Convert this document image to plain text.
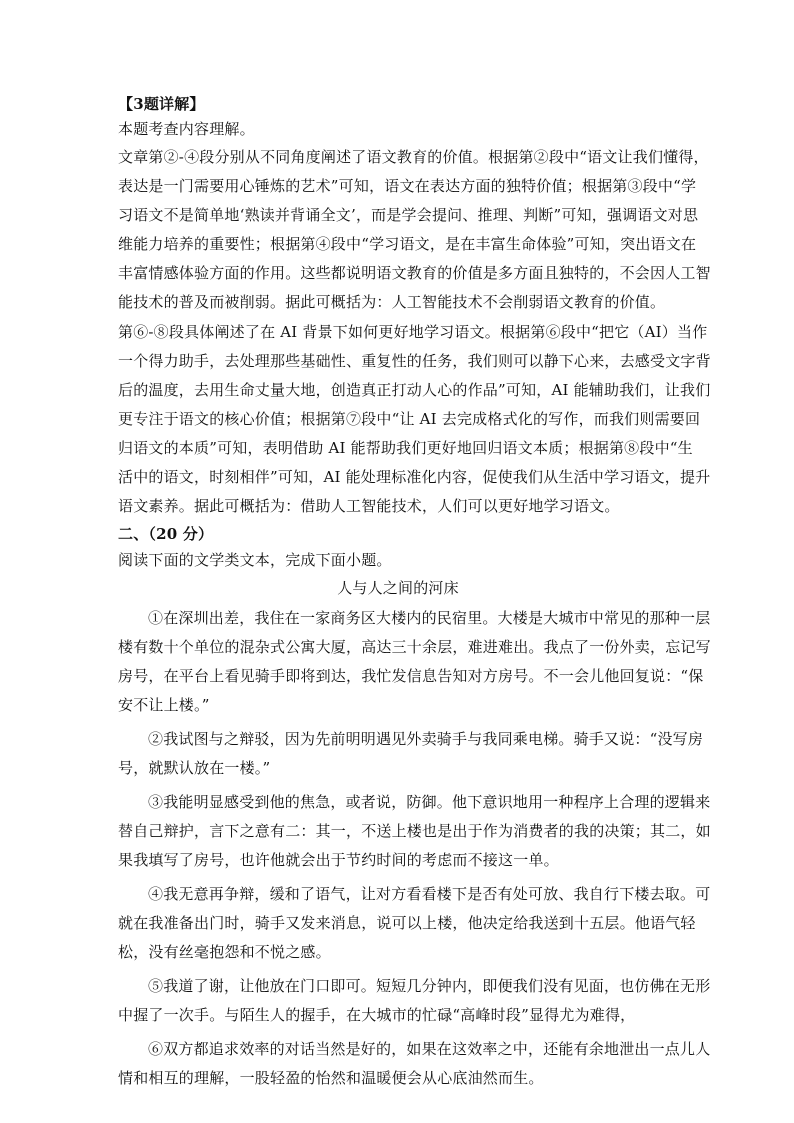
【3题详解】
本题考查内容理解。
文章第②-④段分别从不同角度阐述了语文教育的价值。根据第②段中“语文让我们懂得，
表达是一门需要用心锤炼的艺术”可知，语文在表达方面的独特价值；根据第③段中“学
习语文不是简单地‘熟读并背诵全文’，而是学会提问、推理、判断”可知，强调语文对思
维能力培养的重要性；根据第④段中“学习语文，是在丰富生命体验”可知，突出语文在
丰富情感体验方面的作用。这些都说明语文教育的价值是多方面且独特的，不会因人工智
能技术的普及而被削弱。据此可概括为：人工智能技术不会削弱语文教育的价值。
第⑥-⑧段具体阐述了在 AI 背景下如何更好地学习语文。根据第⑥段中“把它（AI）当作
一个得力助手，去处理那些基础性、重复性的任务，我们则可以静下心来，去感受文字背
后的温度，去用生命丈量大地，创造真正打动人心的作品”可知，AI 能辅助我们，让我们
更专注于语文的核心价值；根据第⑦段中“让 AI 去完成格式化的写作，而我们则需要回
归语文的本质”可知，表明借助 AI 能帮助我们更好地回归语文本质；根据第⑧段中“生
活中的语文，时刻相伴”可知，AI 能处理标准化内容，促使我们从生活中学习语文，提升
语文素养。据此可概括为：借助人工智能技术，人们可以更好地学习语文。
二、（20 分）
阅读下面的文学类文本，完成下面小题。
人与人之间的河床
①在深圳出差，我住在一家商务区大楼内的民宿里。大楼是大城市中常见的那种一层
楼有数十个单位的混杂式公寓大厦，高达三十余层，难进难出。我点了一份外卖，忘记写
房号，在平台上看见骑手即将到达，我忙发信息告知对方房号。不一会儿他回复说：“保
安不让上楼。”
②我试图与之辩驳，因为先前明明遇见外卖骑手与我同乘电梯。骑手又说：“没写房
号，就默认放在一楼。”
③我能明显感受到他的焦急，或者说，防御。他下意识地用一种程序上合理的逻辑来
替自己辩护，言下之意有二：其一，不送上楼也是出于作为消费者的我的决策；其二，如
果我填写了房号，也许他就会出于节约时间的考虑而不接这一单。
④我无意再争辩，缓和了语气，让对方看看楼下是否有处可放、我自行下楼去取。可
就在我准备出门时，骑手又发来消息，说可以上楼，他决定给我送到十五层。他语气轻
松，没有丝毫抱怨和不悦之感。
⑤我道了谢，让他放在门口即可。短短几分钟内，即便我们没有见面，也仿佛在无形
中握了一次手。与陌生人的握手，在大城市的忙碌“高峰时段”显得尤为难得，
⑥双方都追求效率的对话当然是好的，如果在这效率之中，还能有余地泄出一点儿人
情和相互的理解，一股轻盈的怡然和温暖便会从心底油然而生。
